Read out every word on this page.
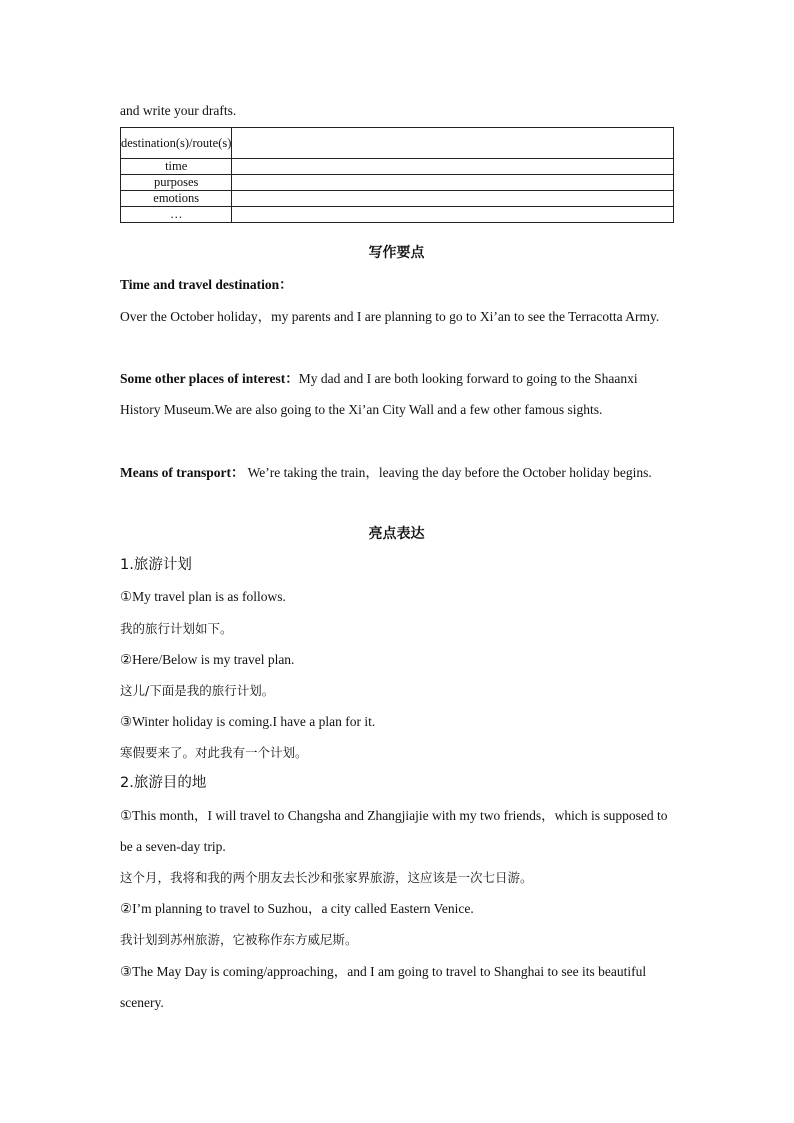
and write your drafts.
destination(s)/route(s)	
time	
purposes	
emotions	
…	
写作要点
Time and travel destination：
Over the October holiday，my parents and I are planning to go to Xi’an to see the Terracotta Army.
Some other places of interest：My dad and I are both looking forward to going to the Shaanxi History Museum.We are also going to the Xi’an City Wall and a few other famous sights.
Means of transport： We’re taking the train，leaving the day before the October holiday begins.
亮点表达
1.旅游计划
①My travel plan is as follows.
我的旅行计划如下。
②Here/Below is my travel plan.
这儿/下面是我的旅行计划。
③Winter holiday is coming.I have a plan for it.
寒假要来了。对此我有一个计划。
2.旅游目的地
①This month，I will travel to Changsha and Zhangjiajie with my two friends，which is supposed to be a seven-day trip.
这个月，我将和我的两个朋友去长沙和张家界旅游，这应该是一次七日游。
②I’m planning to travel to Suzhou，a city called Eastern Venice.
我计划到苏州旅游，它被称作东方威尼斯。
③The May Day is coming/approaching，and I am going to travel to Shanghai to see its beautiful scenery.
